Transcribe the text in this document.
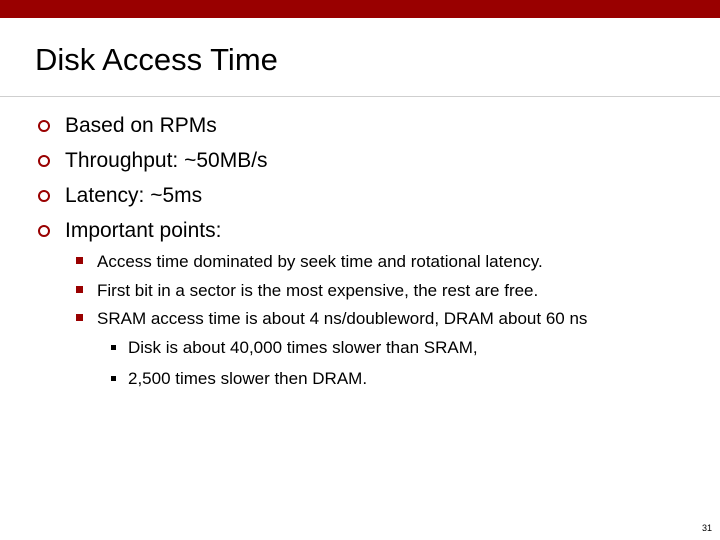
Disk Access Time
Based on RPMs
Throughput: ~50MB/s
Latency: ~5ms
Important points:
Access time dominated by seek time and rotational latency.
First bit in a sector is the most expensive, the rest are free.
SRAM access time is about 4 ns/doubleword, DRAM about 60 ns
Disk is about 40,000 times slower than SRAM,
2,500 times slower then DRAM.
31
